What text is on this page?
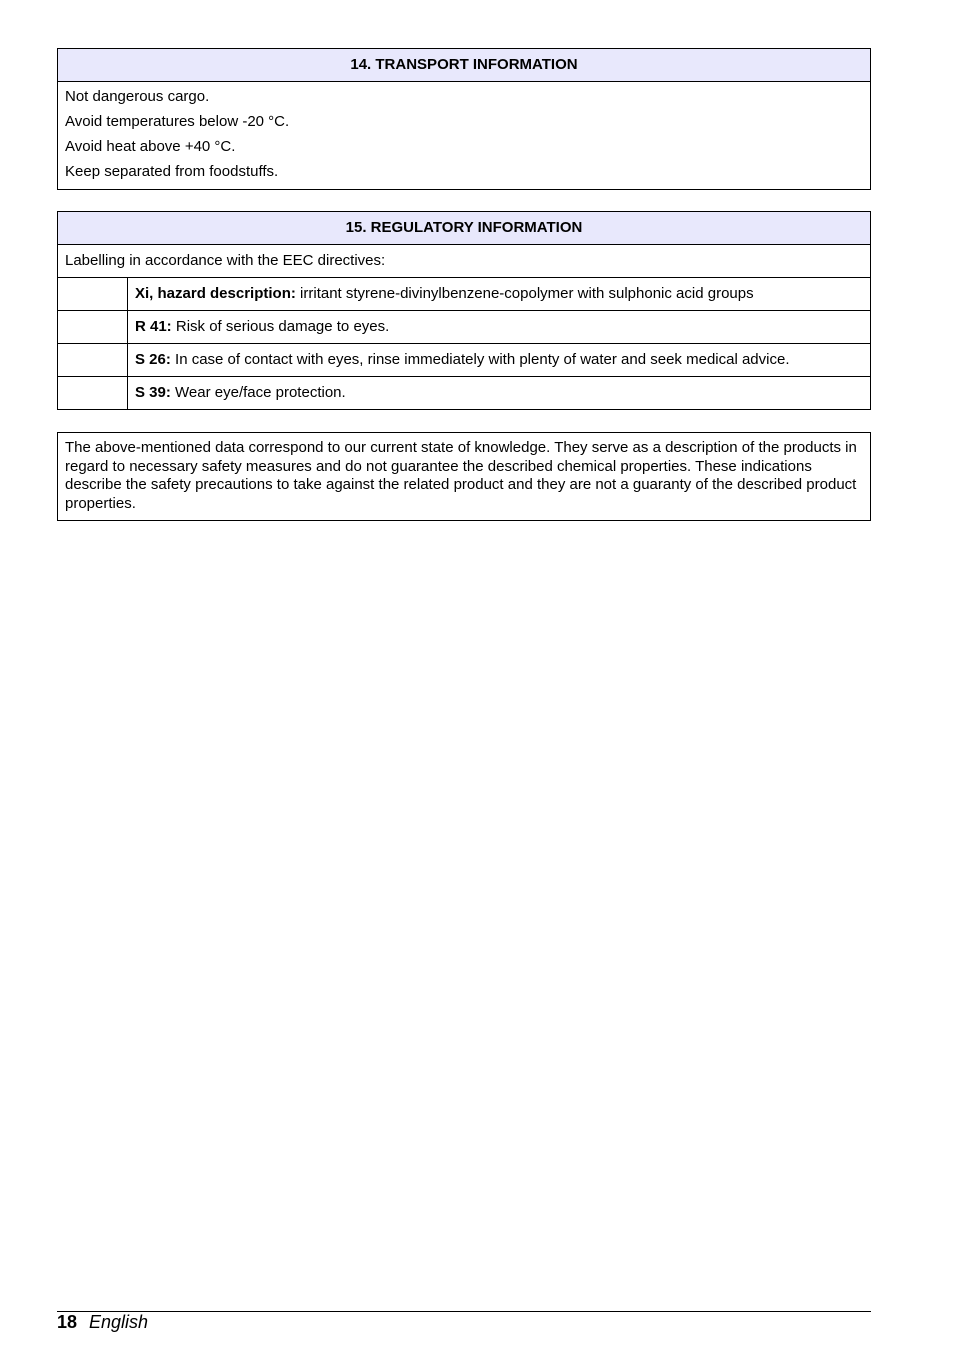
14. TRANSPORT INFORMATION
Not dangerous cargo.
Avoid temperatures below -20 °C.
Avoid heat above +40 °C.
Keep separated from foodstuffs.
15. REGULATORY INFORMATION
Labelling in accordance with the EEC directives:
Xi, hazard description: irritant styrene-divinylbenzene-copolymer with sulphonic acid groups
R 41: Risk of serious damage to eyes.
S 26: In case of contact with eyes, rinse immediately with plenty of water and seek medical advice.
S 39: Wear eye/face protection.
The above-mentioned data correspond to our current state of knowledge. They serve as a description of the products in regard to necessary safety measures and do not guarantee the described chemical properties. These indications describe the safety precautions to take against the related product and they are not a guaranty of the described product properties.
18 English
